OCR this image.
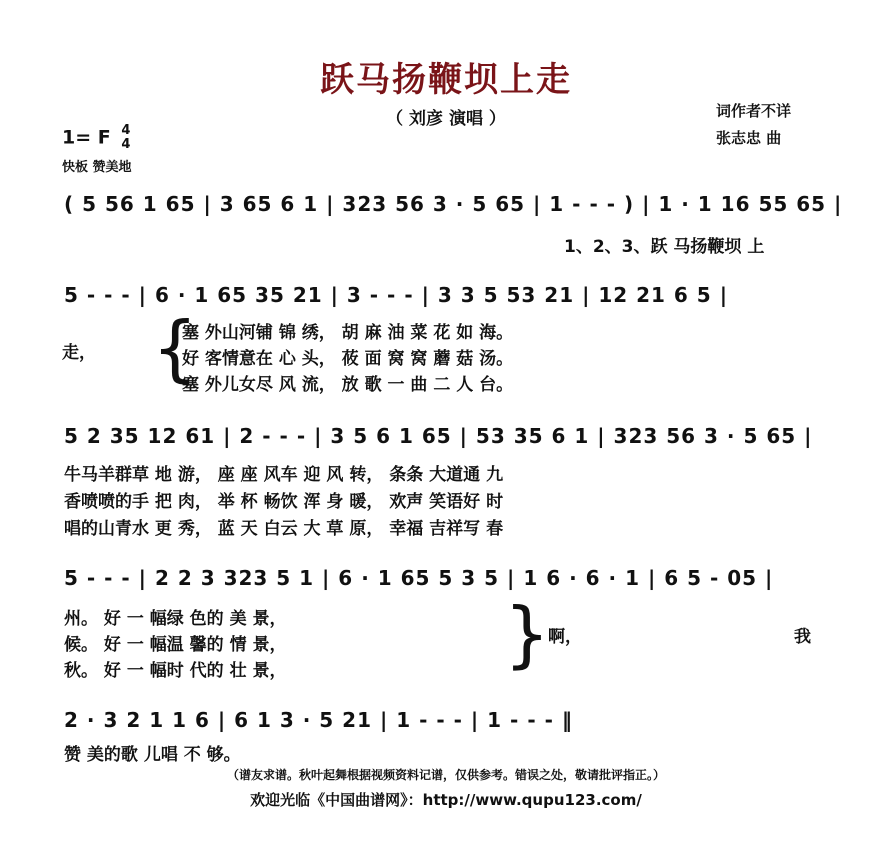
跃马扬鞭坝上走
（ 刘彦 演唱 ）	词作者不详
张志忠 曲
1= F 4
4
快板 赞美地
( 5 56 1 65 | 3 65 6 1 | 323 56 3 · 5 65 | 1 - - - ) | 1 · 1 16 55 65 |
1、2、3、跃 马扬鞭坝 上
5 - - - | 6 · 1 65 35 21 | 3 - - - | 3 3 5 53 21 | 12 21 6 5 |
走， {
塞 外山河铺 锦 绣， 胡 麻 油 菜 花 如 海。
好 客情意在 心 头， 莜 面 窝 窝 蘑 菇 汤。
塞 外儿女尽 风 流， 放 歌 一 曲 二 人 台。
5 2 35 12 61 | 2 - - - | 3 5 6 1 65 | 53 35 6 1 | 323 56 3 · 5 65 |
牛马羊群草 地 游， 座 座 风车 迎 风 转， 条条 大道通 九
香喷喷的手 把 肉， 举 杯 畅饮 浑 身 暖， 欢声 笑语好 时
唱的山青水 更 秀， 蓝 天 白云 大 草 原， 幸福 吉祥写 春
5 - - - | 2 2 3 323 5 1 | 6 · 1 65 5 3 5 | 1 6 · 6 · 1 | 6 5 - 05 |
州。 好 一 幅绿 色的 美 景，
候。 好 一 幅温 馨的 情 景，
秋。 好 一 幅时 代的 壮 景，	{
啊，	我
2 · 3 2 1 1 6 | 6 1 3 · 5 21 | 1 - - - | 1 - - - ‖
赞 美的歌 儿唱 不 够。
（谱友求谱。秋叶起舞根据视频资料记谱，仅供参考。错误之处，敬请批评指正。）
欢迎光临《中国曲谱网》：http://www.qupu123.com/
